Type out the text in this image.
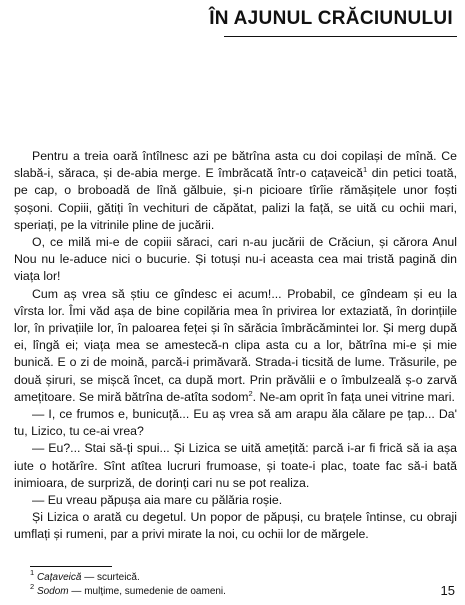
ÎN AJUNUL CRĂCIUNULUI

Pentru a treia oară întîlnesc azi pe bătrîna asta cu doi copilași de mînă. Ce slabă-i, săraca, și de-abia merge. E îmbrăcată într-o cațaveică$^1$ din petici toată, pe cap, o broboadă de lînă gălbuie, și-n picioare tîrîie rămășițele unor foști șoșoni. Copiii, gătiți în vechituri de căpătat, palizi la față, se uită cu ochii mari, speriați, pe la vitrinile pline de jucării.

O, ce milă mi-e de copiii săraci, cari n-au jucării de Crăciun, și cărora Anul Nou nu le-aduce nici o bucurie. Și totuși nu-i aceasta cea mai tristă pagină din viața lor!

Cum aș vrea să știu ce gîndesc ei acum!... Probabil, ce gîndeam și eu la vîrsta lor. Îmi văd așa de bine copilăria mea în privirea lor extaziată, în dorințiile lor, în privațiile lor, în paloarea feței și în sărăcia îmbrăcămintei lor. Și merg după ei, lîngă ei; viața mea se amestecă-n clipa asta cu a lor, bătrîna mi-e și mie bunică. E o zi de moină, parcă-i primăvară. Strada-i ticsită de lume. Trăsurile, pe două șiruri, se mișcă încet, ca după mort. Prin prăvălii e o îmbulzeală ș-o zarvă amețitoare. Se miră bătrîna de-atîta sodom$^2$. Ne-am oprit în fața unei vitrine mari.

— I, ce frumos e, bunicuță... Eu aș vrea să am arapu ăla călare pe țap... Da' tu, Lizico, tu ce-ai vrea?

— Eu?... Stai să-ți spui... Și Lizica se uită amețită: parcă i-ar fi frică să ia așa iute o hotărîre. Sînt atîtea lucruri frumoase, și toate-i plac, toate fac să-i bată inimioara, de surpriză, de dorinți cari nu se pot realiza.

— Eu vreau păpușa aia mare cu pălăria roșie.

Și Lizica o arată cu degetul. Un popor de păpuși, cu brațele întinse, cu obraji umflați și rumeni, par a privi mirate la noi, cu ochii lor de mărgele.

$^1$ Cațaveică — scurteică.
$^2$ Sodom — mulțime, sumedenie de oameni.	15
